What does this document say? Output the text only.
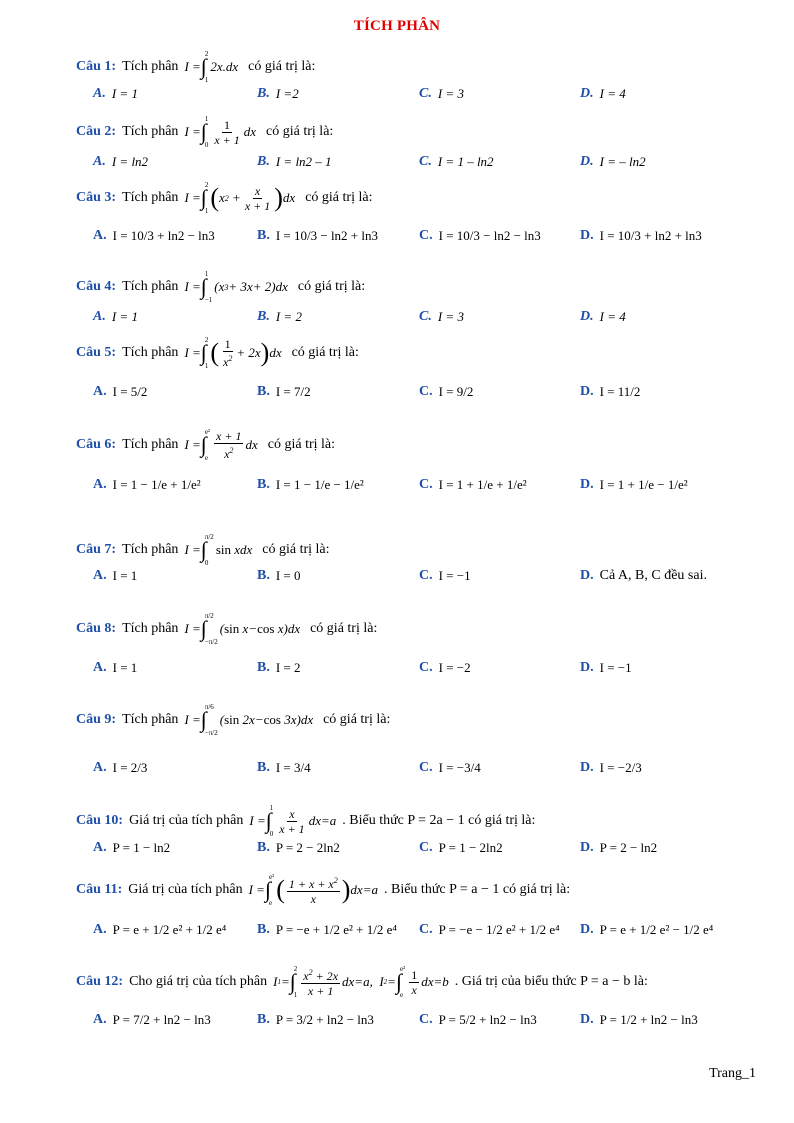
TÍCH PHÂN
Câu 1: Tích phân I = ∫
2
1
2 x . dx có giá trị là:
A. I = 1	B. I =2	C. I = 3	D. I = 4
Câu 2: Tích phân I = ∫
1
$0 \frac{1}{x + 1}$ dx có giá trị là:
A. I = ln2	B. I = ln2 – 1	C. I = 1 – ln2	D. I = – ln2
Câu 3: Tích phân I = ∫
2
1 ( x $2 + \frac{x}{x + 1}$ ) dx có giá trị là:
A. I = 10/3 + ln2 − ln3	B. I = 10/3 − ln2 + ln3	C. I = 10/3 − ln2 − ln3	D. I = 10/3 + ln2 + ln3
Câu 4: Tích phân I = ∫
1
−1
( x 3 + 3 x + 2) dx có giá trị là:
A. I = 1	B. I = 2	C. I = 3	D. I = 4
Câu 5: Tích phân I = ∫
2
1 ( $\frac{1}{x^2} + 2$ x ) dx có giá trị là:
A. I = 5/2	B. I = 7/2	C. I = 9/2	D. I = 11/2
Câu 6: Tích phân I = ∫
e²
e $\frac{x + 1}{x^2}$ dx có giá trị là:
A. I = 1 − 1/e + 1/e²	B. I = 1 − 1/e − 1/e²	C. I = 1 + 1/e + 1/e²	D. I = 1 + 1/e − 1/e²
Câu 7: Tích phân I = ∫
π/2
0
sin
xdx có giá trị là:
A. I = 1	B. I = 0	C. I = −1	D. Cả A, B, C đều sai.
Câu 8: Tích phân I = ∫
π/2
−π/2
( sin
x − cos
x ) dx có giá trị là:
A. I = 1	B. I = 2	C. I = −2	D. I = −1
Câu 9: Tích phân I = ∫
π/6
−π/2
( sin 2 x − cos 3 x ) dx có giá trị là:
A. I = 2/3	B. I = 3/4	C. I = −3/4	D. I = −2/3
Câu 10: Giá trị của tích phân I = ∫
1
$0 \frac{x}{x + 1}$ dx = a . Biểu thức P = 2a − 1 có giá trị là:
A. P = 1 − ln2	B. P = 2 − 2ln2	C. P = 1 − 2ln2	D. P = 2 − ln2
Câu 11: Giá trị của tích phân I = ∫
e²
e ( $\frac{1 + x + x^2}{x}$ ) dx = a . Biểu thức P = a − 1 có giá trị là:
A. P = e + 1/2 e² + 1/2 e⁴ B. P = −e + 1/2 e² + 1/2 e⁴ C. P = −e − 1/2 e² + 1/2 e⁴ D. P = e + 1/2 e² − 1/2 e⁴
Câu 12: Cho giá trị của tích phân I 1 = ∫
2
$1 \frac{x^2 + 2x}{x + 1}$ dx = a ,  I 2 = ∫
e²
e $\frac{1}{x}$ dx = b . Giá trị của biểu thức P = a − b là:
A. P = 7/2 + ln2 − ln3	B. P = 3/2 + ln2 − ln3	C. P = 5/2 + ln2 − ln3	D. P = 1/2 + ln2 − ln3
Trang_1
